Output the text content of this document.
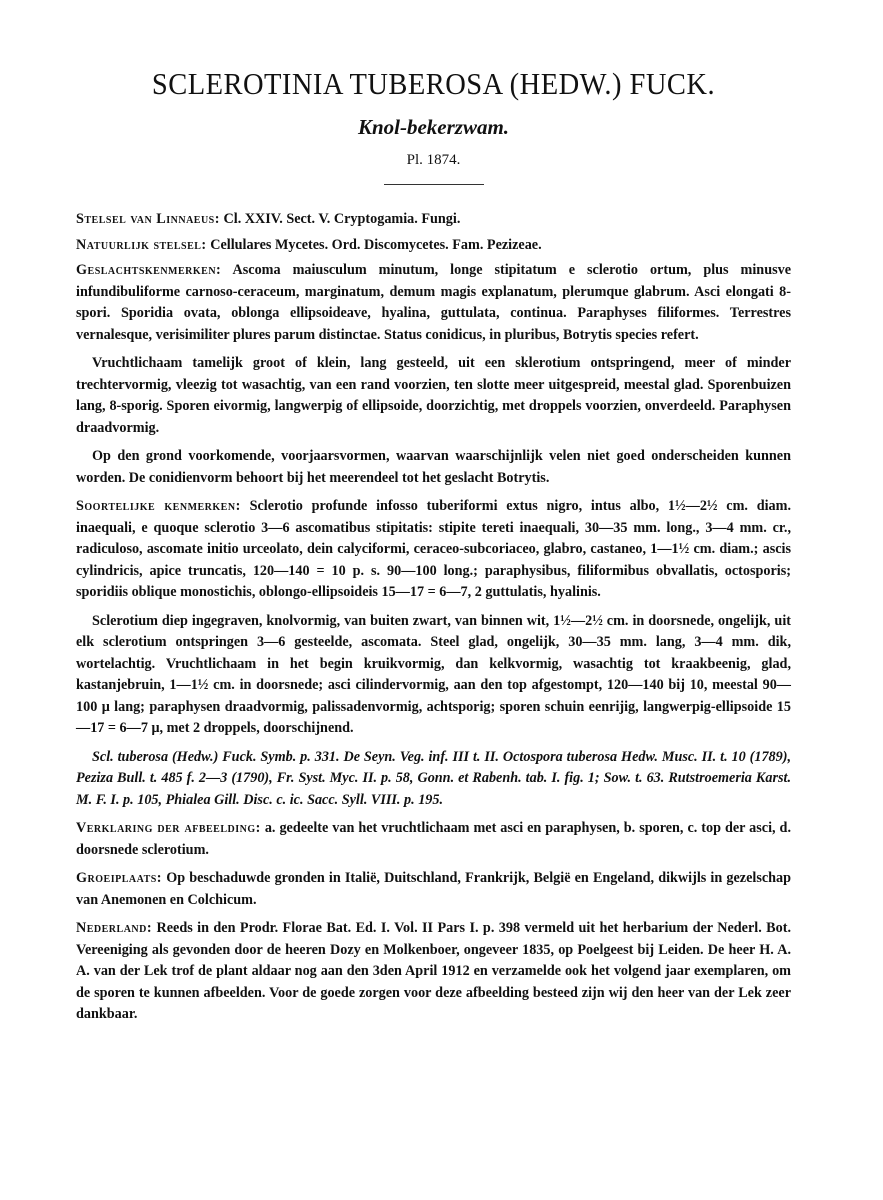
SCLEROTINIA TUBEROSA (HEDW.) FUCK.
Knol-bekerzwam.
Pl. 1874.

Stelsel van Linnaeus: Cl. XXIV. Sect. V. Cryptogamia. Fungi.

Natuurlijk stelsel: Cellulares Mycetes. Ord. Discomycetes. Fam. Pezizeae.

Geslachtskenmerken: Ascoma maiusculum minutum, longe stipitatum e sclerotio ortum, plus minusve infundibuliforme carnoso-ceraceum, marginatum, demum magis explanatum, plerumque glabrum. Asci elongati 8-spori. Sporidia ovata, oblonga ellipsoideave, hyalina, guttulata, continua. Paraphyses filiformes. Terrestres vernalesque, verisimiliter plures parum distinctae. Status conidicus, in pluribus, Botrytis species refert.

Vruchtlichaam tamelijk groot of klein, lang gesteeld, uit een sklerotium ontspringend, meer of minder trechtervormig, vleezig tot wasachtig, van een rand voorzien, ten slotte meer uitgespreid, meestal glad. Sporenbuizen lang, 8-sporig. Sporen eivormig, langwerpig of ellipsoide, doorzichtig, met droppels voorzien, onverdeeld. Paraphysen draadvormig.

Op den grond voorkomende, voorjaarsvormen, waarvan waarschijnlijk velen niet goed onderscheiden kunnen worden. De conidienvorm behoort bij het meerendeel tot het geslacht Botrytis.

Soortelijke kenmerken: Sclerotio profunde infosso tuberiformi extus nigro, intus albo, 1½—2½ cm. diam. inaequali, e quoque sclerotio 3—6 ascomatibus stipitatis: stipite tereti inaequali, 30—35 mm. long., 3—4 mm. cr., radiculoso, ascomate initio urceolato, dein calyciformi, ceraceo-subcoriaceo, glabro, castaneo, 1—1½ cm. diam.; ascis cylindricis, apice truncatis, 120—140 = 10 p. s. 90—100 long.; paraphysibus, filiformibus obvallatis, octosporis; sporidiis oblique monostichis, oblongo-ellipsoideis 15—17 = 6—7, 2 guttulatis, hyalinis.

Sclerotium diep ingegraven, knolvormig, van buiten zwart, van binnen wit, 1½—2½ cm. in doorsnede, ongelijk, uit elk sclerotium ontspringen 3—6 gesteelde, ascomata. Steel glad, ongelijk, 30—35 mm. lang, 3—4 mm. dik, wortelachtig. Vruchtlichaam in het begin kruikvormig, dan kelkvormig, wasachtig tot kraakbeenig, glad, kastanjebruin, 1—1½ cm. in doorsnede; asci cilindervormig, aan den top afgestompt, 120—140 bij 10, meestal 90—100 μ lang; paraphysen draadvormig, palissadenvormig, achtsporig; sporen schuin eenrijig, langwerpig-ellipsoide 15—17 = 6—7 μ, met 2 droppels, doorschijnend.

Scl. tuberosa (Hedw.) Fuck. Symb. p. 331. De Seyn. Veg. inf. III t. II. Octospora tuberosa Hedw. Musc. II. t. 10 (1789), Peziza Bull. t. 485 f. 2—3 (1790), Fr. Syst. Myc. II. p. 58, Gonn. et Rabenh. tab. I. fig. 1; Sow. t. 63. Rutstroemeria Karst. M. F. I. p. 105, Phialea Gill. Disc. c. ic. Sacc. Syll. VIII. p. 195.

Verklaring der afbeelding: a. gedeelte van het vruchtlichaam met asci en paraphysen, b. sporen, c. top der asci, d. doorsnede sclerotium.

Groeiplaats: Op beschaduwde gronden in Italië, Duitschland, Frankrijk, België en Engeland, dikwijls in gezelschap van Anemonen en Colchicum.

Nederland: Reeds in den Prodr. Florae Bat. Ed. I. Vol. II Pars I. p. 398 vermeld uit het herbarium der Nederl. Bot. Vereeniging als gevonden door de heeren Dozy en Molkenboer, ongeveer 1835, op Poelgeest bij Leiden. De heer H. A. A. van der Lek trof de plant aldaar nog aan den 3den April 1912 en verzamelde ook het volgend jaar exemplaren, om de sporen te kunnen afbeelden. Voor de goede zorgen voor deze afbeelding besteed zijn wij den heer van der Lek zeer dankbaar.
